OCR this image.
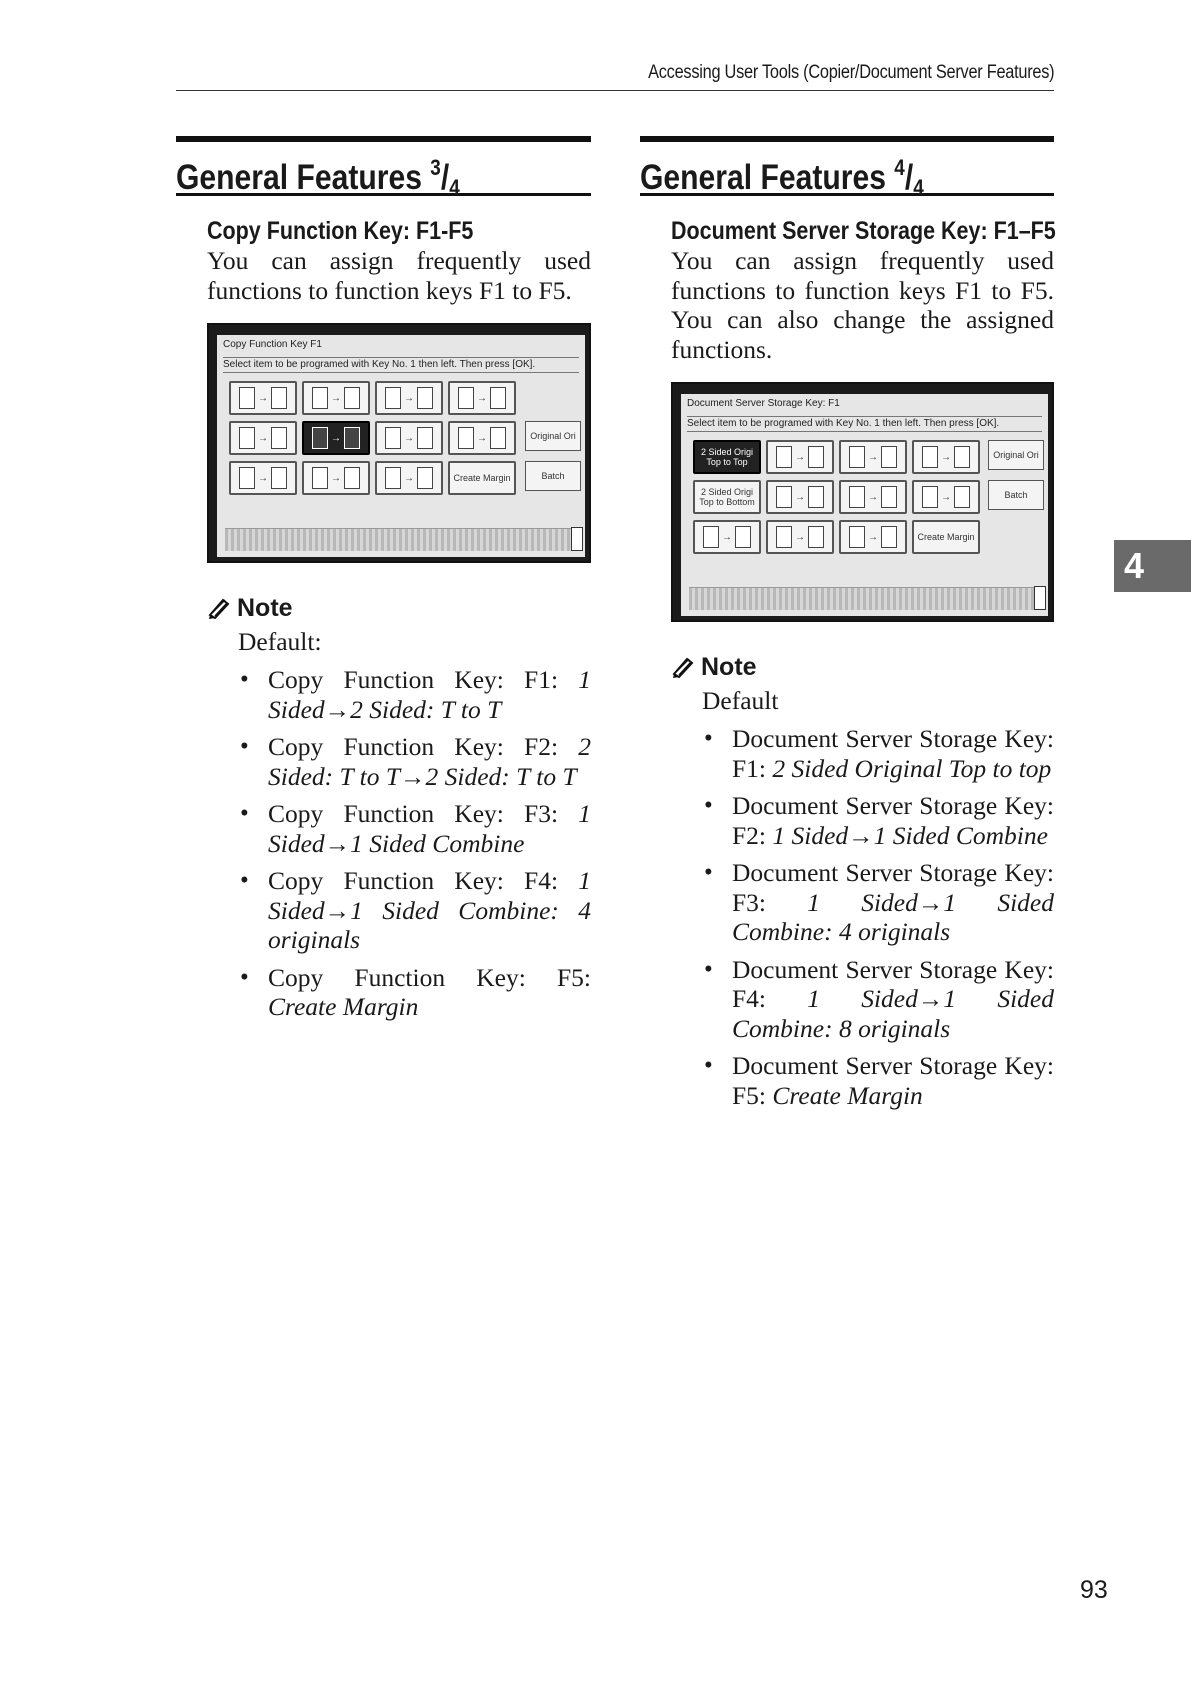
Accessing User Tools (Copier/Document Server Features)
General Features $^3/_4$
Copy Function Key: F1-F5
You can assign frequently used functions to function keys F1 to F5.
Copy Function Key F1
Select item to be programed with Key No. 1 then left. Then press [OK].
→	→	→	→
→	→	→	→
→	→	→	Create Margin
Original Ori
Batch
Note
Default:
• Copy Function Key: F1: 1 Sided→2 Sided: T to T
• Copy Function Key: F2: 2 Sided: T to T→2 Sided: T to T
• Copy Function Key: F3: 1 Sided→1 Sided Combine
• Copy Function Key: F4: 1 Sided→1 Sided Combine: 4 originals
• Copy Function Key: F5: Create Margin
General Features $^4/_4$
Document Server Storage Key: F1–F5
You can assign frequently used functions to function keys F1 to F5. You can also change the assigned functions.
Document Server Storage Key: F1
Select item to be programed with Key No. 1 then left. Then press [OK].
2 Sided Origi Top to Top	→	→	→
2 Sided Origi Top to Bottom	→	→	→
→	→	→	Create Margin
Original Ori
Batch
Note
Default
• Document Server Storage Key: F1: 2 Sided Original Top to top
• Document Server Storage Key: F2: 1 Sided→1 Sided Combine
• Document Server Storage Key: F3: 1 Sided→1 Sided Combine: 4 originals
• Document Server Storage Key: F4: 1 Sided→1 Sided Combine: 8 originals
• Document Server Storage Key: F5: Create Margin
4
93
